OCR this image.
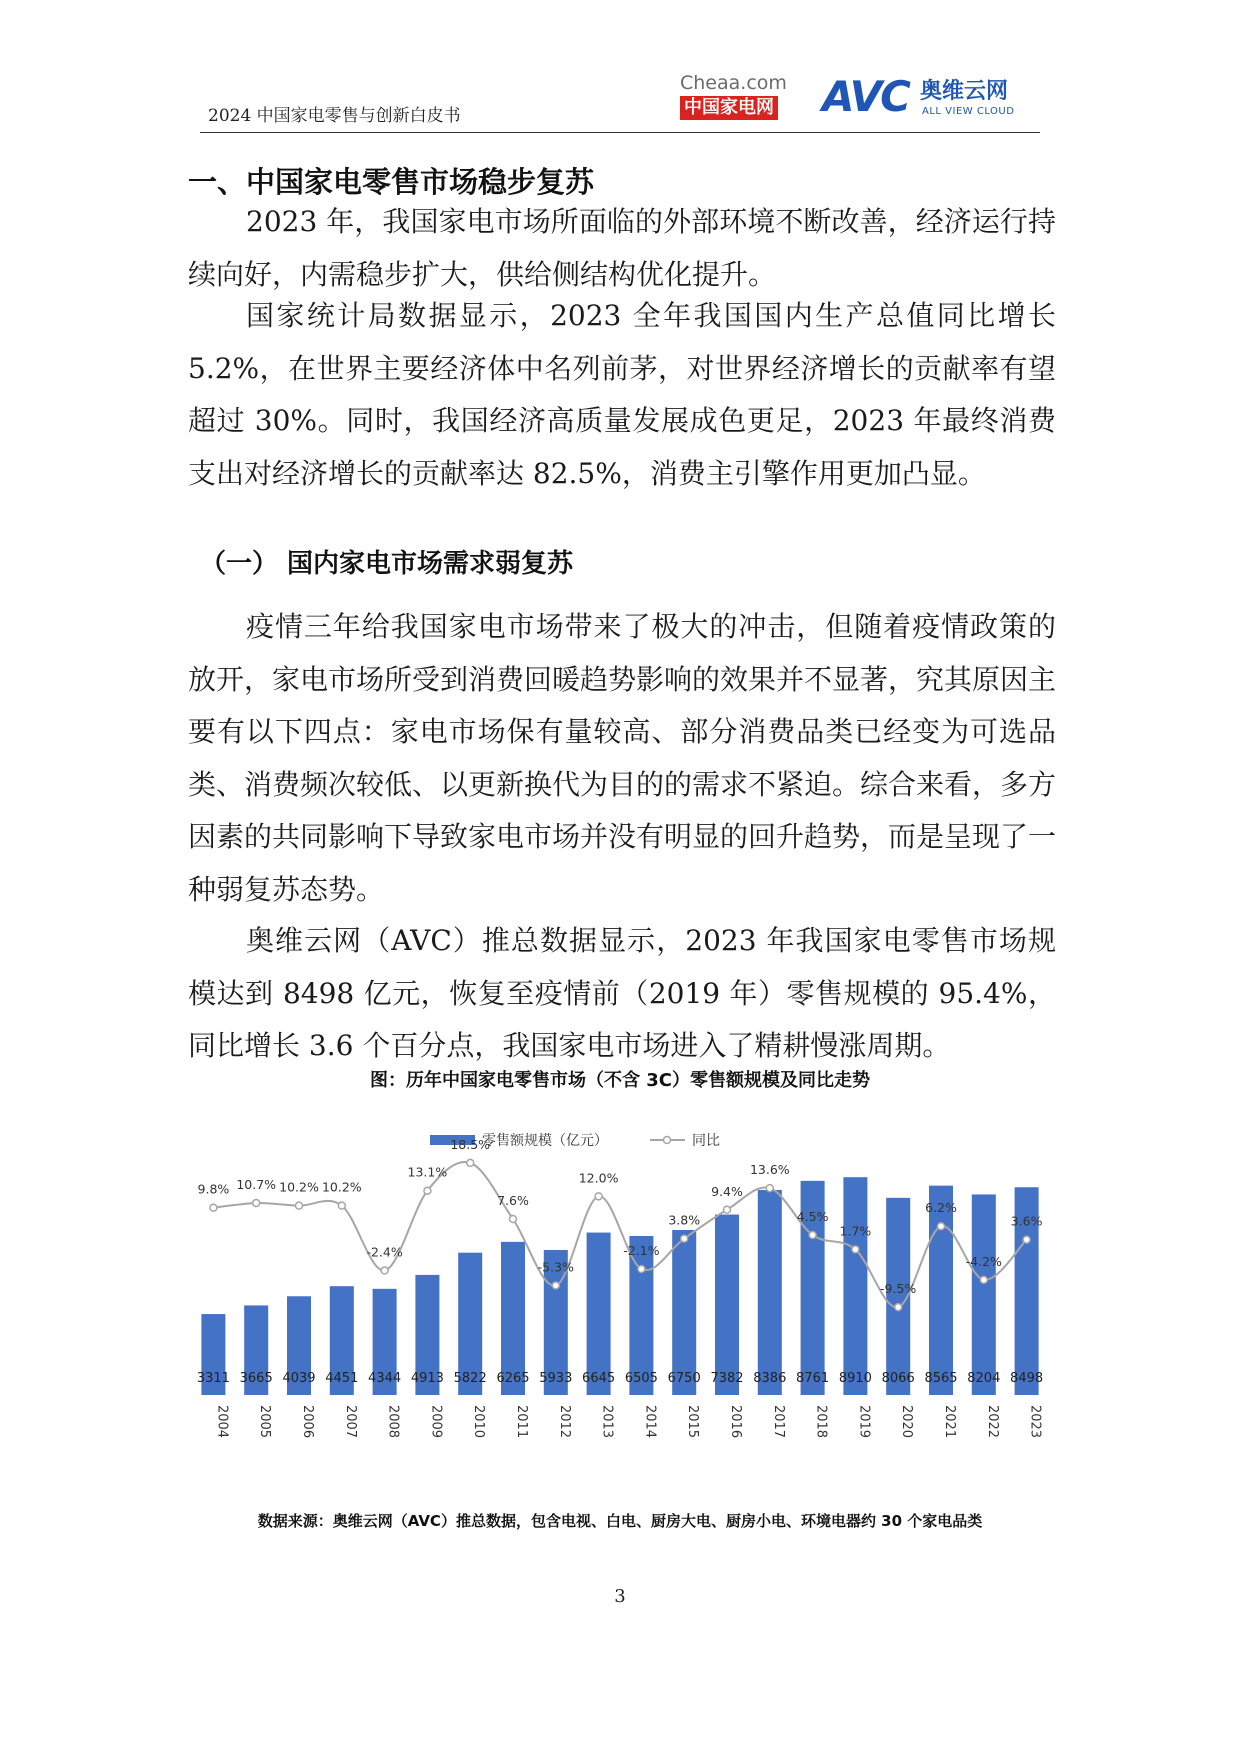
2024 中国家电零售与创新白皮书
Cheaa.com
中国家电网	AVC 奥维云网
ALL VIEW CLOUD
一、中国家电零售市场稳步复苏

2023 年，我国家电市场所面临的外部环境不断改善，经济运行持续向好，内需稳步扩大，供给侧结构优化提升。

国家统计局数据显示，2023 全年我国国内生产总值同比增长 5.2%，在世界主要经济体中名列前茅，对世界经济增长的贡献率有望超过 30%。同时，我国经济高质量发展成色更足，2023 年最终消费支出对经济增长的贡献率达 82.5%，消费主引擎作用更加凸显。

（一） 国内家电市场需求弱复苏

疫情三年给我国家电市场带来了极大的冲击，但随着疫情政策的放开，家电市场所受到消费回暖趋势影响的效果并不显著，究其原因主要有以下四点：家电市场保有量较高、部分消费品类已经变为可选品类、消费频次较低、以更新换代为目的的需求不紧迫。综合来看，多方因素的共同影响下导致家电市场并没有明显的回升趋势，而是呈现了一种弱复苏态势。

奥维云网（AVC）推总数据显示，2023 年我国家电零售市场规模达到 8498 亿元，恢复至疫情前（2019 年）零售规模的 95.4%，同比增长 3.6 个百分点，我国家电市场进入了精耕慢涨周期。

图：历年中国家电零售市场（不含 3C）零售额规模及同比走势
零售额规模（亿元）	同比
9.8% 10.7% 10.2% 10.2%
-2.4%
13.1%
18.5%
7.6%
-5.3%
12.0%
-2.1%
3.8%
9.4%
13.6%
4.5%
1.7%
-9.5%
6.2%
-4.2%
3.6%
3311 3665 4039 4451 4344 4913 5822 6265 5933 6645 6505 6750 7382 8386 8761 8910 8066 8565 8204 8498
2004 2005 2006 2007 2008 2009 2010 2011 2012 2013 2014 2015 2016 2017 2018 2019 2020 2021 2022 2023
数据来源：奥维云网（AVC）推总数据，包含电视、白电、厨房大电、厨房小电、环境电器约 30 个家电品类
3
